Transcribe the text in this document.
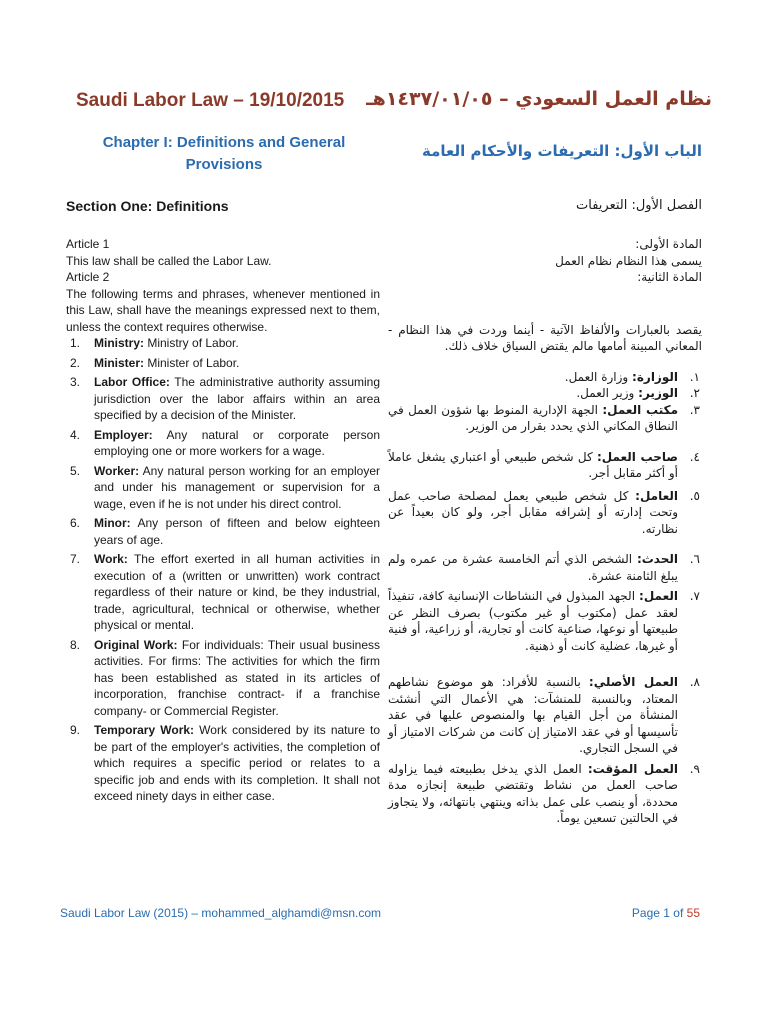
Saudi Labor Law – 19/10/2015	نظام العمل السعودي – ١٤٣٧/٠١/٠٥هـ
Chapter I: Definitions and General Provisions
الباب الأول: التعريفات والأحكام العامة
Section One: Definitions	الفصل الأول: التعريفات

Article 1

This law shall be called the Labor Law.

Article 2

The following terms and phrases, whenever mentioned in this Law, shall have the meanings expressed next to them, unless the context requires otherwise.

1. Ministry: Ministry of Labor.
2. Minister: Minister of Labor.
3. Labor Office: The administrative authority assuming jurisdiction over the labor affairs within an area specified by a decision of the Minister.
4. Employer: Any natural or corporate person employing one or more workers for a wage.
5. Worker: Any natural person working for an employer and under his management or supervision for a wage, even if he is not under his direct control.
6. Minor: Any person of fifteen and below eighteen years of age.
7. Work: The effort exerted in all human activities in execution of a (written or unwritten) work contract regardless of their nature or kind, be they industrial, trade, agricultural, technical or otherwise, whether physical or mental.
8. Original Work: For individuals: Their usual business activities. For firms: The activities for which the firm has been established as stated in its articles of incorporation, franchise contract- if a franchise company- or Commercial Register.
9. Temporary Work: Work considered by its nature to be part of the employer's activities, the completion of which requires a specific period or relates to a specific job and ends with its completion. It shall not exceed ninety days in either case.

المادة الأولى:

يسمى هذا النظام نظام العمل

المادة الثانية:

يقصد بالعبارات والألفاظ الآتية - أينما وردت في هذا النظام - المعاني المبينة أمامها مالم يقتض السياق خلاف ذلك.

١.
الوزارة: وزارة العمل.
٢.
الوزير: وزير العمل.
٣.
مكتب العمل: الجهة الإدارية المنوط بها شؤون العمل في النطاق المكاني الذي يحدد بقرار من الوزير.
٤.
صاحب العمل: كل شخص طبيعي أو اعتباري يشغل عاملاً أو أكثر مقابل أجر.
٥.
العامل: كل شخص طبيعي يعمل لمصلحة صاحب عمل وتحت إدارته أو إشرافه مقابل أجر، ولو كان بعيداً عن نظارته.
٦.
الحدث: الشخص الذي أتم الخامسة عشرة من عمره ولم يبلغ الثامنة عشرة.
٧.
العمل: الجهد المبذول في النشاطات الإنسانية كافة، تنفيذاً لعقد عمل (مكتوب أو غير مكتوب) بصرف النظر عن طبيعتها أو نوعها، صناعية كانت أو تجارية، أو زراعية، أو فنية أو غيرها، عضلية كانت أو ذهنية.
٨.
العمل الأصلي: بالنسبة للأفراد: هو موضوع نشاطهم المعتاد، وبالنسبة للمنشآت: هي الأعمال التي أنشئت المنشأة من أجل القيام بها والمنصوص عليها في عقد تأسيسها أو في عقد الامتياز إن كانت من شركات الامتياز أو في السجل التجاري.
٩.
العمل المؤقت: العمل الذي يدخل بطبيعته فيما يزاوله صاحب العمل من نشاط وتقتضي طبيعة إنجازه مدة محددة، أو ينصب على عمل بذاته وينتهي بانتهائه، ولا يتجاوز في الحالتين تسعين يوماً.
Saudi Labor Law (2015) – mohammed_alghamdi@msn.com	Page 1 of 55
